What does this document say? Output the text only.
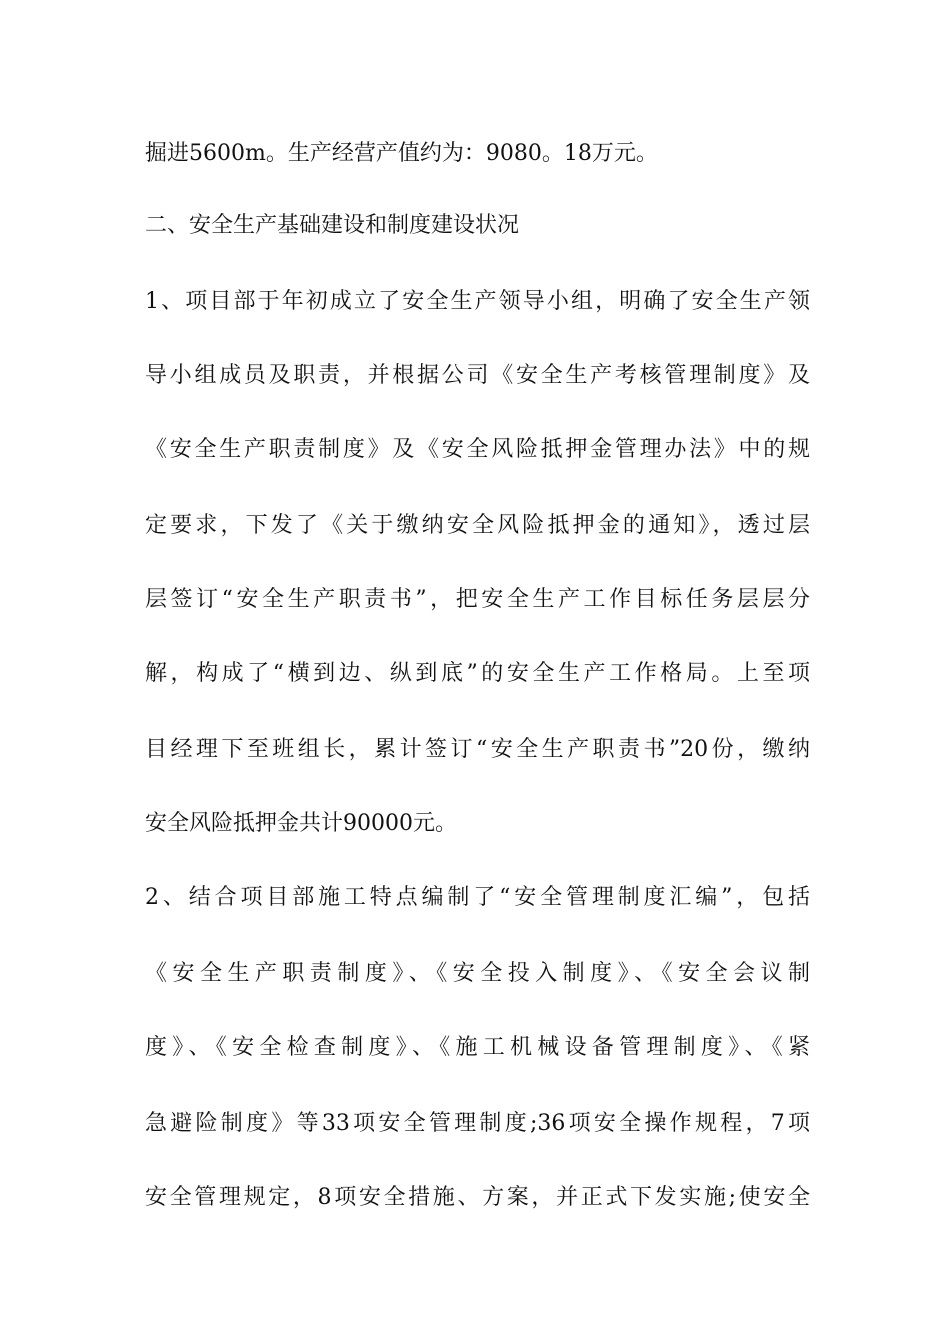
掘进5600m。生产经营产值约为：9080。18万元。
二、安全生产基础建设和制度建设状况
1、项目部于年初成立了安全生产领导小组，明确了安全生产领
导小组成员及职责，并根据公司《安全生产考核管理制度》及
《安全生产职责制度》及《安全风险抵押金管理办法》中的规
定要求，下发了《关于缴纳安全风险抵押金的通知》，透过层
层签订“安全生产职责书”，把安全生产工作目标任务层层分
解，构成了“横到边、纵到底”的安全生产工作格局。上至项
目经理下至班组长，累计签订“安全生产职责书”20份，缴纳
安全风险抵押金共计90000元。
2、结合项目部施工特点编制了“安全管理制度汇编”，包括
《安全生产职责制度》、《安全投入制度》、《安全会议制
度》、《安全检查制度》、《施工机械设备管理制度》、《紧
急避险制度》等33项安全管理制度;36项安全操作规程，7项
安全管理规定，8项安全措施、方案，并正式下发实施;使安全
